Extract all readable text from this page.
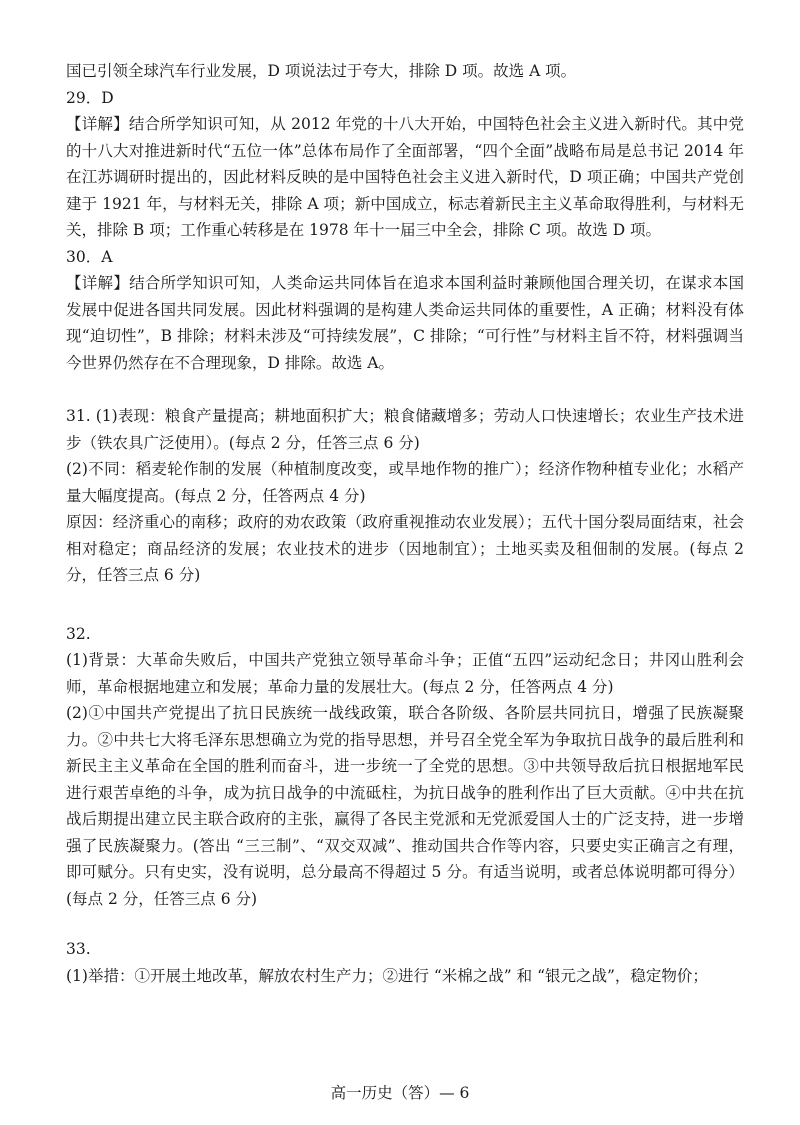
国已引领全球汽车行业发展，D 项说法过于夸大，排除 D 项。故选 A 项。

29．D

【详解】结合所学知识可知，从 2012 年党的十八大开始，中国特色社会主义进入新时代。其中党的十八大对推进新时代“五位一体”总体布局作了全面部署，“四个全面”战略布局是总书记 2014 年在江苏调研时提出的，因此材料反映的是中国特色社会主义进入新时代，D 项正确；中国共产党创建于 1921 年，与材料无关，排除 A 项；新中国成立，标志着新民主主义革命取得胜利，与材料无关，排除 B 项；工作重心转移是在 1978 年十一届三中全会，排除 C 项。故选 D 项。

30．A

【详解】结合所学知识可知，人类命运共同体旨在追求本国利益时兼顾他国合理关切，在谋求本国发展中促进各国共同发展。因此材料强调的是构建人类命运共同体的重要性，A 正确；材料没有体现“迫切性”，B 排除；材料未涉及“可持续发展”，C 排除；“可行性”与材料主旨不符，材料强调当今世界仍然存在不合理现象，D 排除。故选 A。

31. (1)表现：粮食产量提高；耕地面积扩大；粮食储藏增多；劳动人口快速增长；农业生产技术进步（铁农具广泛使用）。(每点 2 分，任答三点 6 分)

(2)不同：稻麦轮作制的发展（种植制度改变，或旱地作物的推广）；经济作物种植专业化；水稻产量大幅度提高。(每点 2 分，任答两点 4 分)

原因：经济重心的南移；政府的劝农政策（政府重视推动农业发展）；五代十国分裂局面结束，社会相对稳定；商品经济的发展；农业技术的进步（因地制宜）；土地买卖及租佃制的发展。(每点 2 分，任答三点 6 分)

32.

(1)背景：大革命失败后，中国共产党独立领导革命斗争；正值“五四”运动纪念日；井冈山胜利会师，革命根据地建立和发展；革命力量的发展壮大。(每点 2 分，任答两点 4 分)

(2)①中国共产党提出了抗日民族统一战线政策，联合各阶级、各阶层共同抗日，增强了民族凝聚力。②中共七大将毛泽东思想确立为党的指导思想，并号召全党全军为争取抗日战争的最后胜利和新民主主义革命在全国的胜利而奋斗，进一步统一了全党的思想。③中共领导敌后抗日根据地军民进行艰苦卓绝的斗争，成为抗日战争的中流砥柱，为抗日战争的胜利作出了巨大贡献。④中共在抗战后期提出建立民主联合政府的主张，赢得了各民主党派和无党派爱国人士的广泛支持，进一步增强了民族凝聚力。(答出 “三三制”、“双交双减”、推动国共合作等内容，只要史实正确言之有理，即可赋分。只有史实，没有说明，总分最高不得超过 5 分。有适当说明，或者总体说明都可得分）(每点 2 分，任答三点 6 分)

33.

(1)举措：①开展土地改革，解放农村生产力；②进行 “米棉之战” 和 “银元之战”，稳定物价；

高一历史（答）— 6
